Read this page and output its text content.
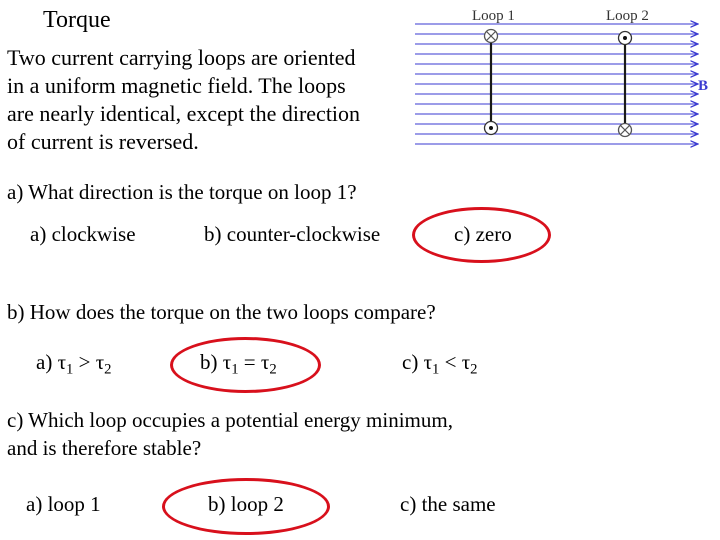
Torque
Two current carrying loops are oriented
in a uniform magnetic field. The loops
are nearly identical, except the direction
of current is reversed.
Loop 1	Loop 2
B
a) What direction is the torque on loop 1?
a) clockwise	b) counter-clockwise	c) zero
b) How does the torque on the two loops compare?
a) $\tau_1 > \tau_2$	b) $\tau_1 = \tau_2$	c) $\tau_1 < \tau_2$
c) Which loop occupies a potential energy minimum,
and is therefore stable?
a) loop 1	b) loop 2	c) the same
